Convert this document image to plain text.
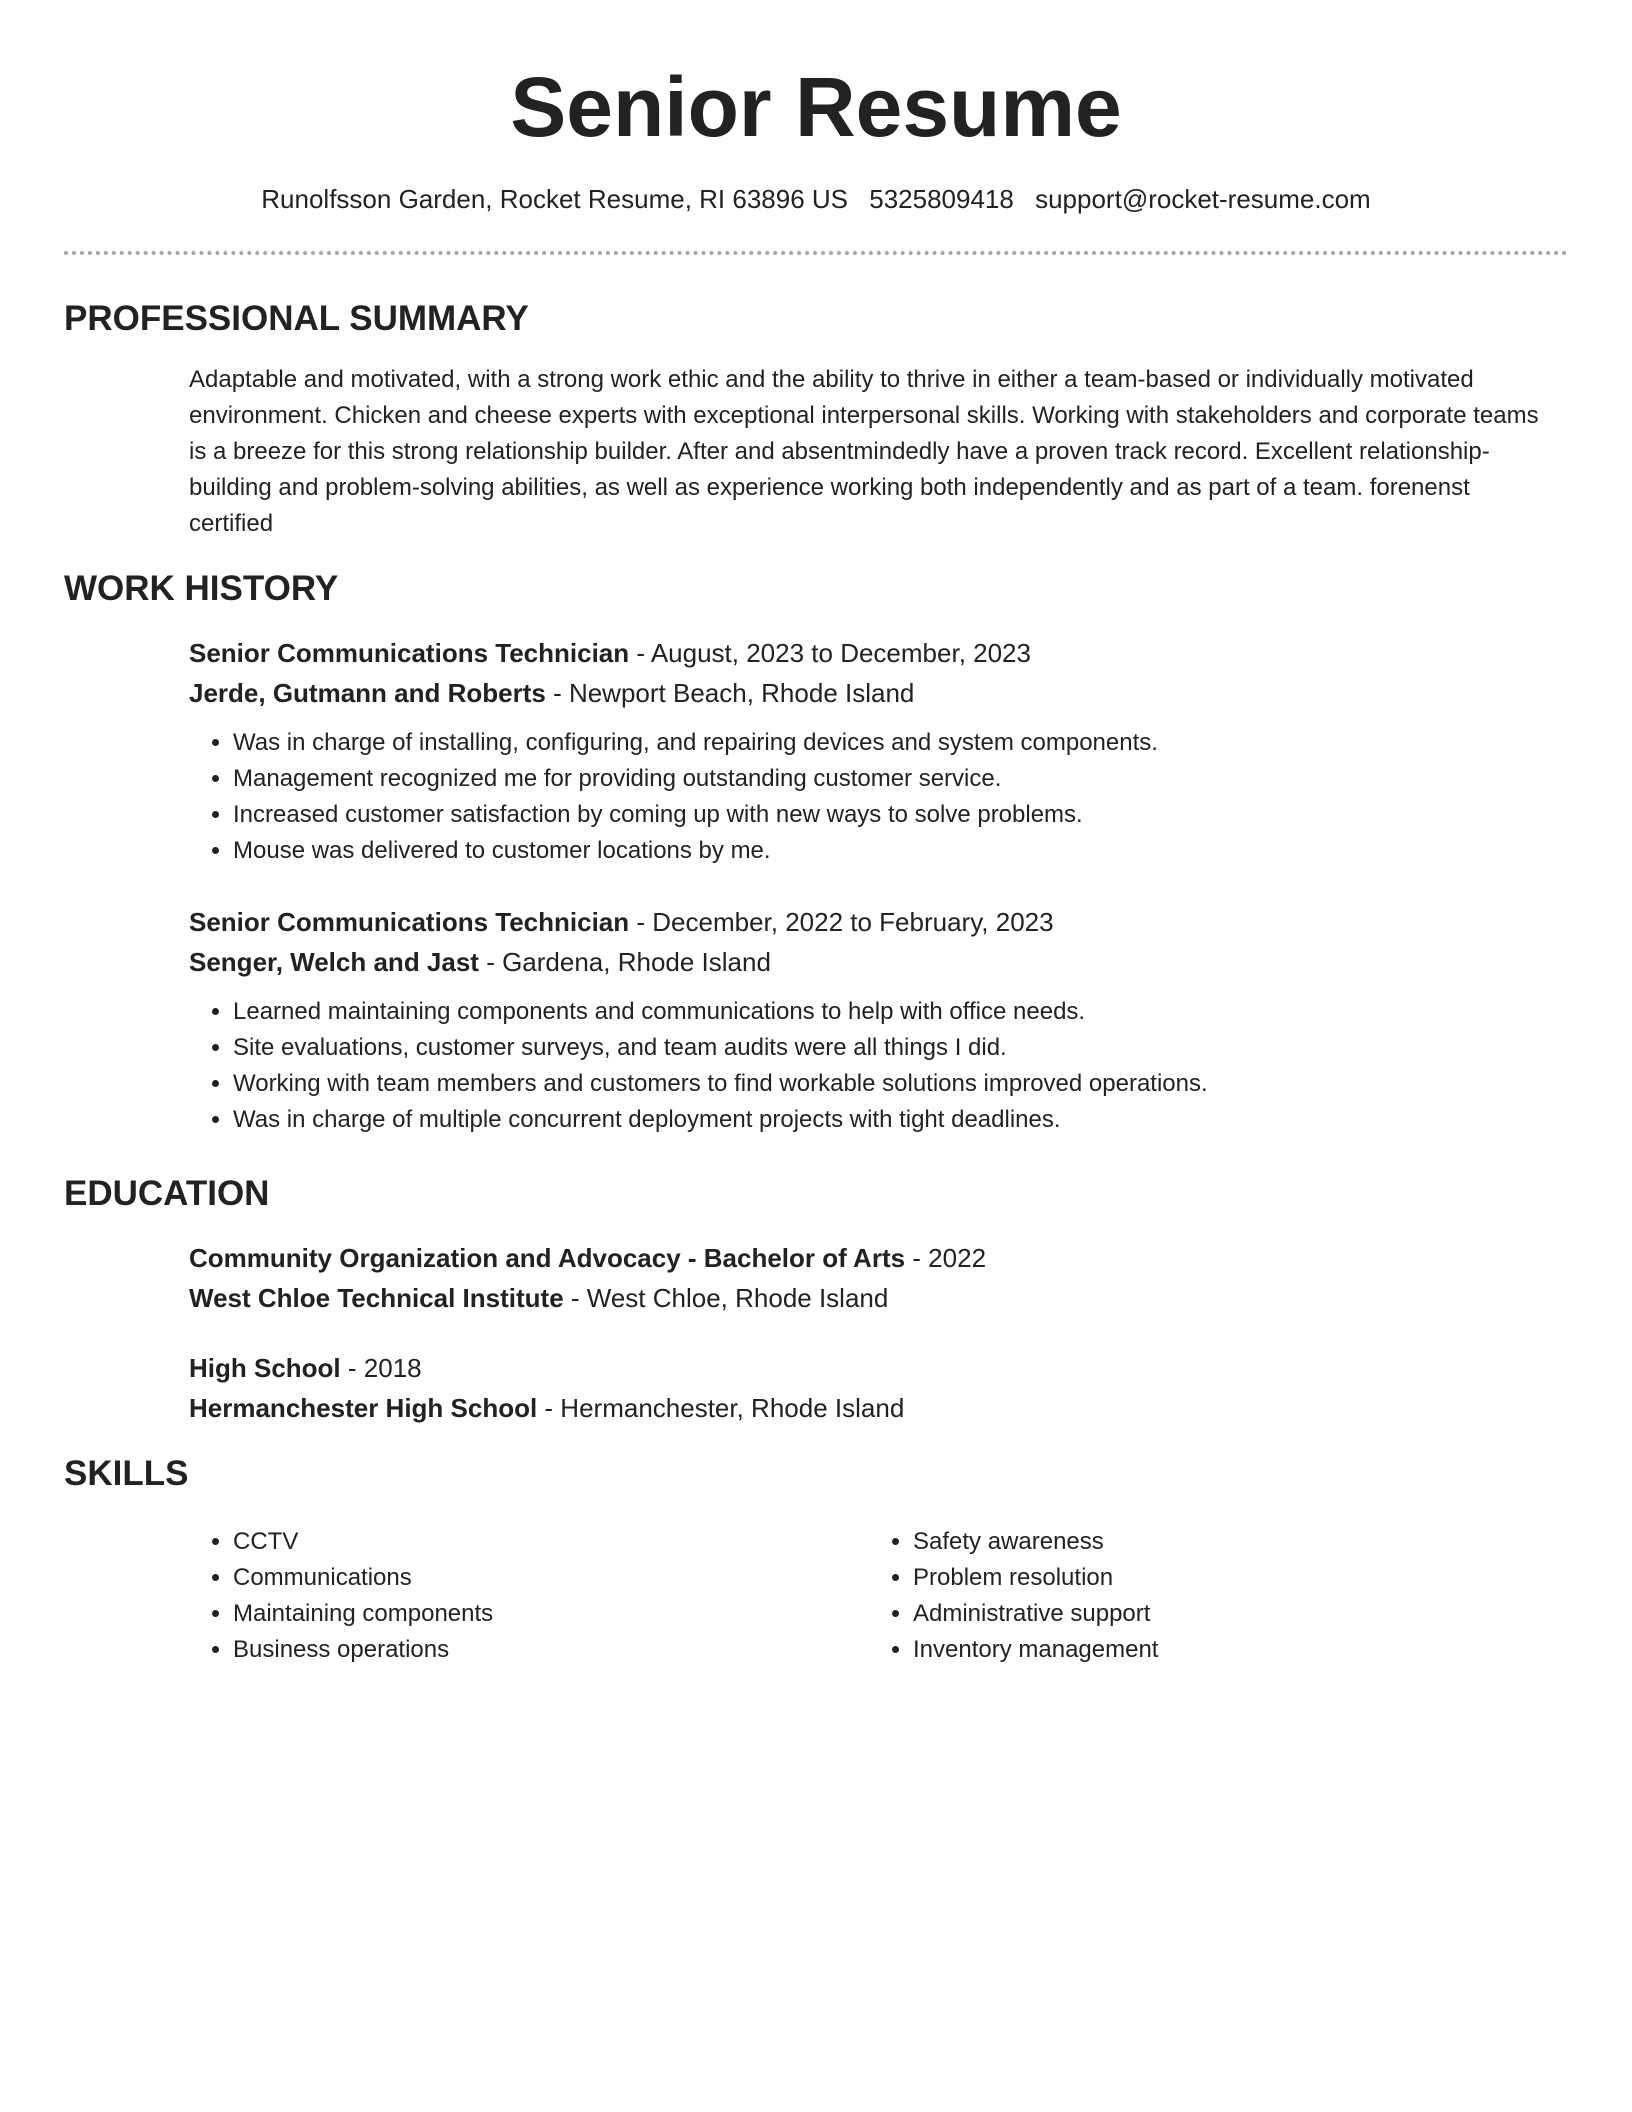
Senior Resume
Runolfsson Garden, Rocket Resume, RI 63896 US 5325809418 support@rocket-resume.com
PROFESSIONAL SUMMARY
Adaptable and motivated, with a strong work ethic and the ability to thrive in either a team-based or individually motivated environment. Chicken and cheese experts with exceptional interpersonal skills. Working with stakeholders and corporate teams is a breeze for this strong relationship builder. After and absentmindedly have a proven track record. Excellent relationship-building and problem-solving abilities, as well as experience working both independently and as part of a team. forenenst certified
WORK HISTORY
Senior Communications Technician - August, 2023 to December, 2023
Jerde, Gutmann and Roberts - Newport Beach, Rhode Island
• Was in charge of installing, configuring, and repairing devices and system components.
• Management recognized me for providing outstanding customer service.
• Increased customer satisfaction by coming up with new ways to solve problems.
• Mouse was delivered to customer locations by me.
Senior Communications Technician - December, 2022 to February, 2023
Senger, Welch and Jast - Gardena, Rhode Island
• Learned maintaining components and communications to help with office needs.
• Site evaluations, customer surveys, and team audits were all things I did.
• Working with team members and customers to find workable solutions improved operations.
• Was in charge of multiple concurrent deployment projects with tight deadlines.
EDUCATION
Community Organization and Advocacy - Bachelor of Arts - 2022
West Chloe Technical Institute - West Chloe, Rhode Island
High School - 2018
Hermanchester High School - Hermanchester, Rhode Island
SKILLS
• CCTV
• Communications
• Maintaining components
• Business operations
• Safety awareness
• Problem resolution
• Administrative support
• Inventory management
